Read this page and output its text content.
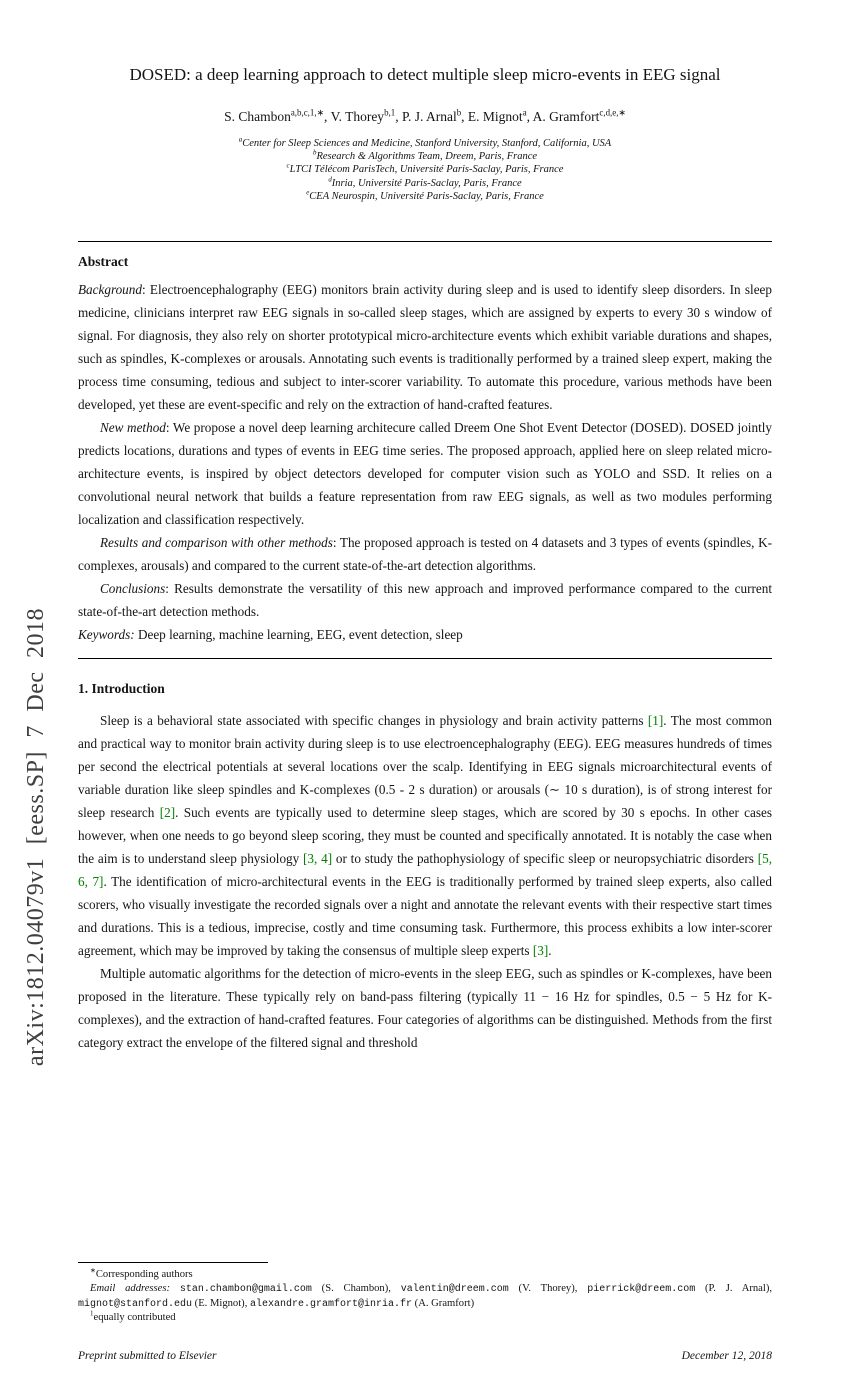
arXiv:1812.04079v1 [eess.SP] 7 Dec 2018
DOSED: a deep learning approach to detect multiple sleep micro-events in EEG signal
S. Chambon$^{a,b,c,1,∗}$, V. Thorey$^{b,1}$, P. J. Arnal$^b$, E. Mignot$^a$, A. Gramfort$^{c,d,e,∗}$
$^a$Center for Sleep Sciences and Medicine, Stanford University, Stanford, California, USA
$^b$Research & Algorithms Team, Dreem, Paris, France
$^c$LTCI Télécom ParisTech, Université Paris-Saclay, Paris, France
$^d$Inria, Université Paris-Saclay, Paris, France
$^e$CEA Neurospin, Université Paris-Saclay, Paris, France
Abstract

Background: Electroencephalography (EEG) monitors brain activity during sleep and is used to identify sleep disorders. In sleep medicine, clinicians interpret raw EEG signals in so-called sleep stages, which are assigned by experts to every 30 s window of signal. For diagnosis, they also rely on shorter prototypical micro-architecture events which exhibit variable durations and shapes, such as spindles, K-complexes or arousals. Annotating such events is traditionally performed by a trained sleep expert, making the process time consuming, tedious and subject to inter-scorer variability. To automate this procedure, various methods have been developed, yet these are event-specific and rely on the extraction of hand-crafted features.

New method: We propose a novel deep learning architecure called Dreem One Shot Event Detector (DOSED). DOSED jointly predicts locations, durations and types of events in EEG time series. The proposed approach, applied here on sleep related micro-architecture events, is inspired by object detectors developed for computer vision such as YOLO and SSD. It relies on a convolutional neural network that builds a feature representation from raw EEG signals, as well as two modules performing localization and classification respectively.

Results and comparison with other methods: The proposed approach is tested on 4 datasets and 3 types of events (spindles, K-complexes, arousals) and compared to the current state-of-the-art detection algorithms.

Conclusions: Results demonstrate the versatility of this new approach and improved performance compared to the current state-of-the-art detection methods.

Keywords: Deep learning, machine learning, EEG, event detection, sleep

1. Introduction

Sleep is a behavioral state associated with specific changes in physiology and brain activity patterns [1]. The most common and practical way to monitor brain activity during sleep is to use electroencephalography (EEG). EEG measures hundreds of times per second the electrical potentials at several locations over the scalp. Identifying in EEG signals microarchitectural events of variable duration like sleep spindles and K-complexes (0.5 - 2 s duration) or arousals (∼ 10 s duration), is of strong interest for sleep research [2]. Such events are typically used to determine sleep stages, which are scored by 30 s epochs. In other cases however, when one needs to go beyond sleep scoring, they must be counted and specifically annotated. It is notably the case when the aim is to understand sleep physiology [3, 4] or to study the pathophysiology of specific sleep or neuropsychiatric disorders [5, 6, 7]. The identification of micro-architectural events in the EEG is traditionally performed by trained sleep experts, also called scorers, who visually investigate the recorded signals over a night and annotate the relevant events with their respective start times and durations. This is a tedious, imprecise, costly and time consuming task. Furthermore, this process exhibits a low inter-scorer agreement, which may be improved by taking the consensus of multiple sleep experts [3].

Multiple automatic algorithms for the detection of micro-events in the sleep EEG, such as spindles or K-complexes, have been proposed in the literature. These typically rely on band-pass filtering (typically 11 − 16 Hz for spindles, 0.5 − 5 Hz for K-complexes), and the extraction of hand-crafted features. Four categories of algorithms can be distinguished. Methods from the first category extract the envelope of the filtered signal and threshold

∗Corresponding authors
Email addresses: stan.chambon@gmail.com (S. Chambon), valentin@dreem.com (V. Thorey), pierrick@dreem.com (P. J. Arnal), mignot@stanford.edu (E. Mignot), alexandre.gramfort@inria.fr (A. Gramfort)
$^1$equally contributed
Preprint submitted to Elsevier	December 12, 2018
